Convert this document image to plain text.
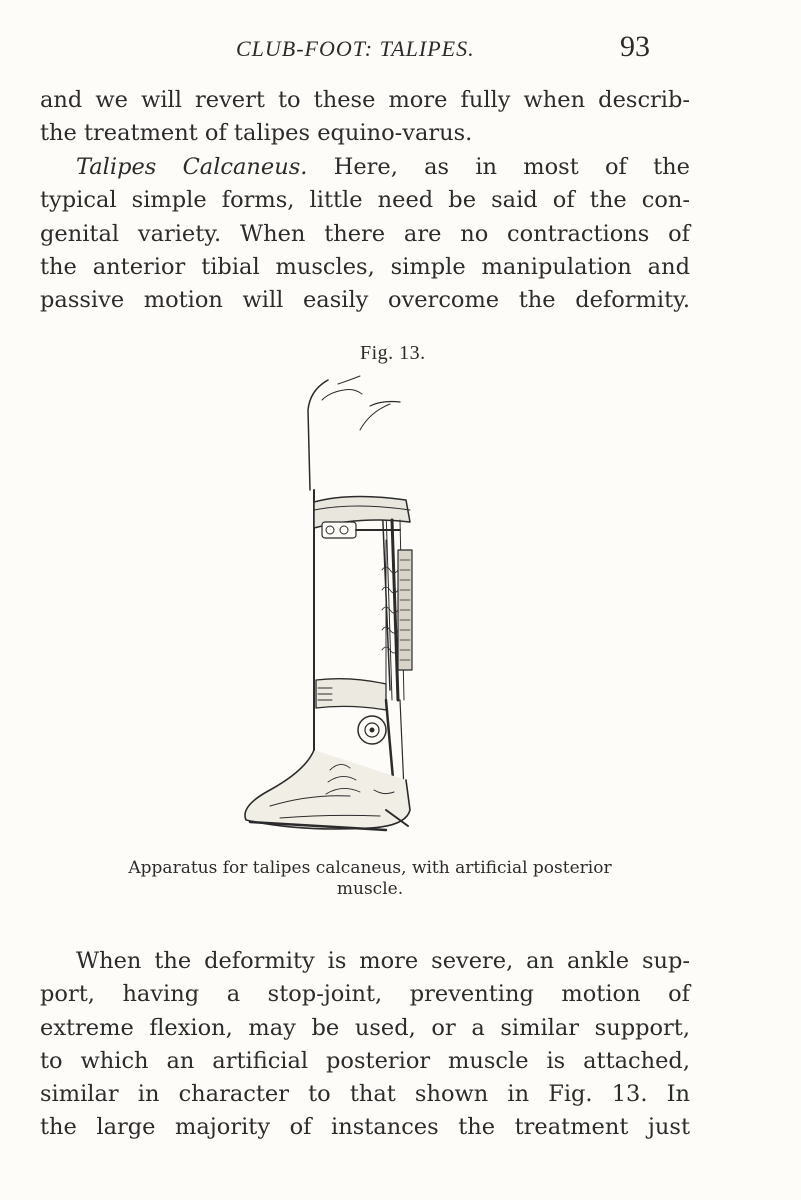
CLUB-FOOT: TALIPES.	93
and we will revert to these more fully when describ-
the treatment of talipes equino-varus.
Talipes Calcaneus. Here, as in most of the
typical simple forms, little need be said of the con-
genital variety. When there are no contractions of
the anterior tibial muscles, simple manipulation and
passive motion will easily overcome the deformity.
Fig. 13.
Apparatus for talipes calcaneus, with artificial posterior
muscle.
When the deformity is more severe, an ankle sup-
port, having a stop-joint, preventing motion of
extreme flexion, may be used, or a similar support,
to which an artificial posterior muscle is attached,
similar in character to that shown in Fig. 13. In
the large majority of instances the treatment just
